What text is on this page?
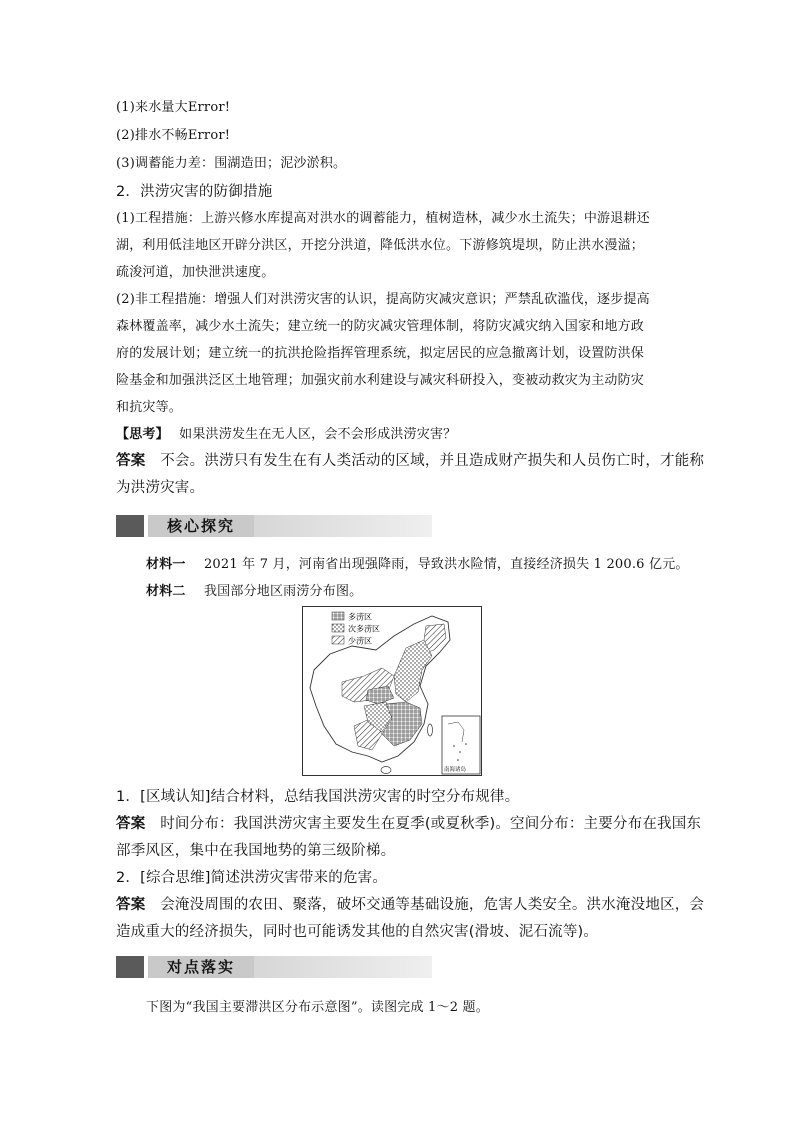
(1)来水量大Error!
(2)排水不畅Error!
(3)调蓄能力差：围湖造田；泥沙淤积。
2．洪涝灾害的防御措施
(1)工程措施：上游兴修水库提高对洪水的调蓄能力，植树造林，减少水土流失；中游退耕还
湖，利用低洼地区开辟分洪区，开挖分洪道，降低洪水位。下游修筑堤坝，防止洪水漫溢；
疏浚河道，加快泄洪速度。
(2)非工程措施：增强人们对洪涝灾害的认识，提高防灾减灾意识；严禁乱砍滥伐，逐步提高
森林覆盖率，减少水土流失；建立统一的防灾减灾管理体制，将防灾减灾纳入国家和地方政
府的发展计划；建立统一的抗洪抢险指挥管理系统，拟定居民的应急撤离计划，设置防洪保
险基金和加强洪泛区土地管理；加强灾前水利建设与减灾科研投入，变被动救灾为主动防灾
和抗灾等。
【思考】 如果洪涝发生在无人区，会不会形成洪涝灾害？
答案 不会。洪涝只有发生在有人类活动的区域，并且造成财产损失和人员伤亡时，才能称
为洪涝灾害。
核心探究
材料一 2021 年 7 月，河南省出现强降雨，导致洪水险情，直接经济损失 1 200.6 亿元。
材料二 我国部分地区雨涝分布图。
多涝区
次多涝区
少涝区
南海诸岛
1．[区域认知]结合材料，总结我国洪涝灾害的时空分布规律。
答案 时间分布：我国洪涝灾害主要发生在夏季(或夏秋季)。空间分布：主要分布在我国东
部季风区，集中在我国地势的第三级阶梯。
2．[综合思维]简述洪涝灾害带来的危害。
答案 会淹没周围的农田、聚落，破坏交通等基础设施，危害人类安全。洪水淹没地区，会
造成重大的经济损失，同时也可能诱发其他的自然灾害(滑坡、泥石流等)。
对点落实
下图为“我国主要滞洪区分布示意图”。读图完成 1～2 题。
